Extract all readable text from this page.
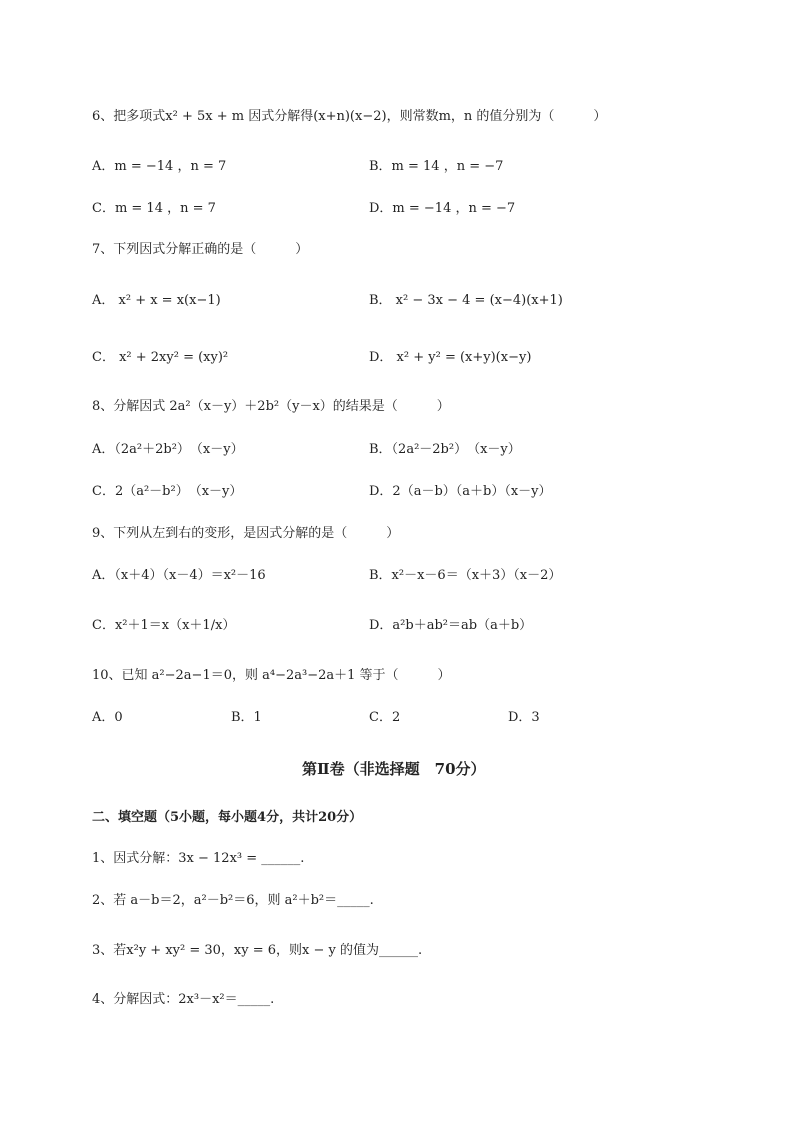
6、把多项式x² + 5x + m 因式分解得(x+n)(x−2)，则常数m，n 的值分别为（　　　）
A．m = −14 ，n = 7	B．m = 14 ，n = −7
C．m = 14 ，n = 7	D．m = −14 ，n = −7
7、下列因式分解正确的是（　　　）
A． x² + x = x(x−1)	B． x² − 3x − 4 = (x−4)(x+1)
C． x² + 2xy² = (xy)²	D． x² + y² = (x+y)(x−y)
8、分解因式 2a²（x－y）＋2b²（y－x）的结果是（　　　）
A．（2a²＋2b²）　（x－y）	B．（2a²－2b²）　（x－y）
C．2（a²－b²）　（x－y）	D．2（a－b）（a＋b）（x－y）
9、下列从左到右的变形，是因式分解的是（　　　）
A．（x＋4）（x－4）＝x²－16	B．x²－x－6＝（x＋3）（x－2）
C．x²＋1＝x（x＋1/x）	D．a²b＋ab²＝ab（a＋b）
10、已知 a²−2a−1＝0，则 a⁴−2a³−2a＋1 等于（　　　）
A．0	B．1	C．2	D．3
第Ⅱ卷（非选择题　70分）
二、填空题（5小题，每小题4分，共计20分）
1、因式分解：3x − 12x³ = ______.
2、若 a－b＝2，a²－b²＝6，则 a²＋b²＝_____.
3、若x²y + xy² = 30，xy = 6，则x − y 的值为______.
4、分解因式：2x³－x²＝_____.
